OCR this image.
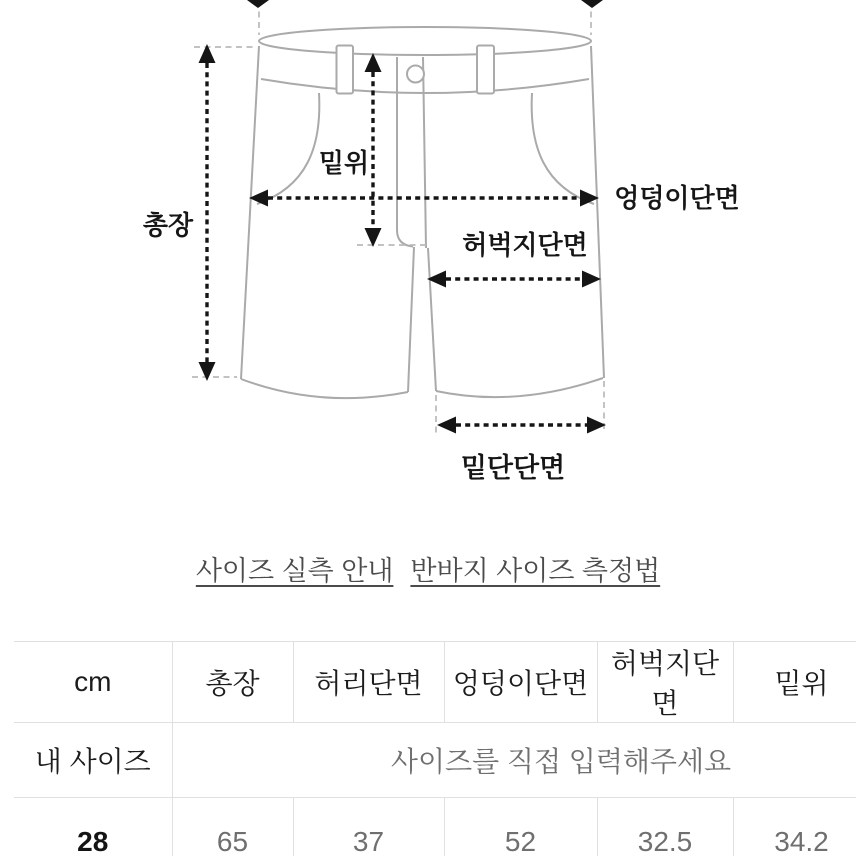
총장
밑위
엉덩이단면
허벅지단면
밑단단면
사이즈 실측 안내 반바지 사이즈 측정법
cm	총장	허리단면	엉덩이단면	허벅지단면	밑위
내 사이즈	사이즈를 직접 입력해주세요				
28	65	37	52	32.5	34.2
